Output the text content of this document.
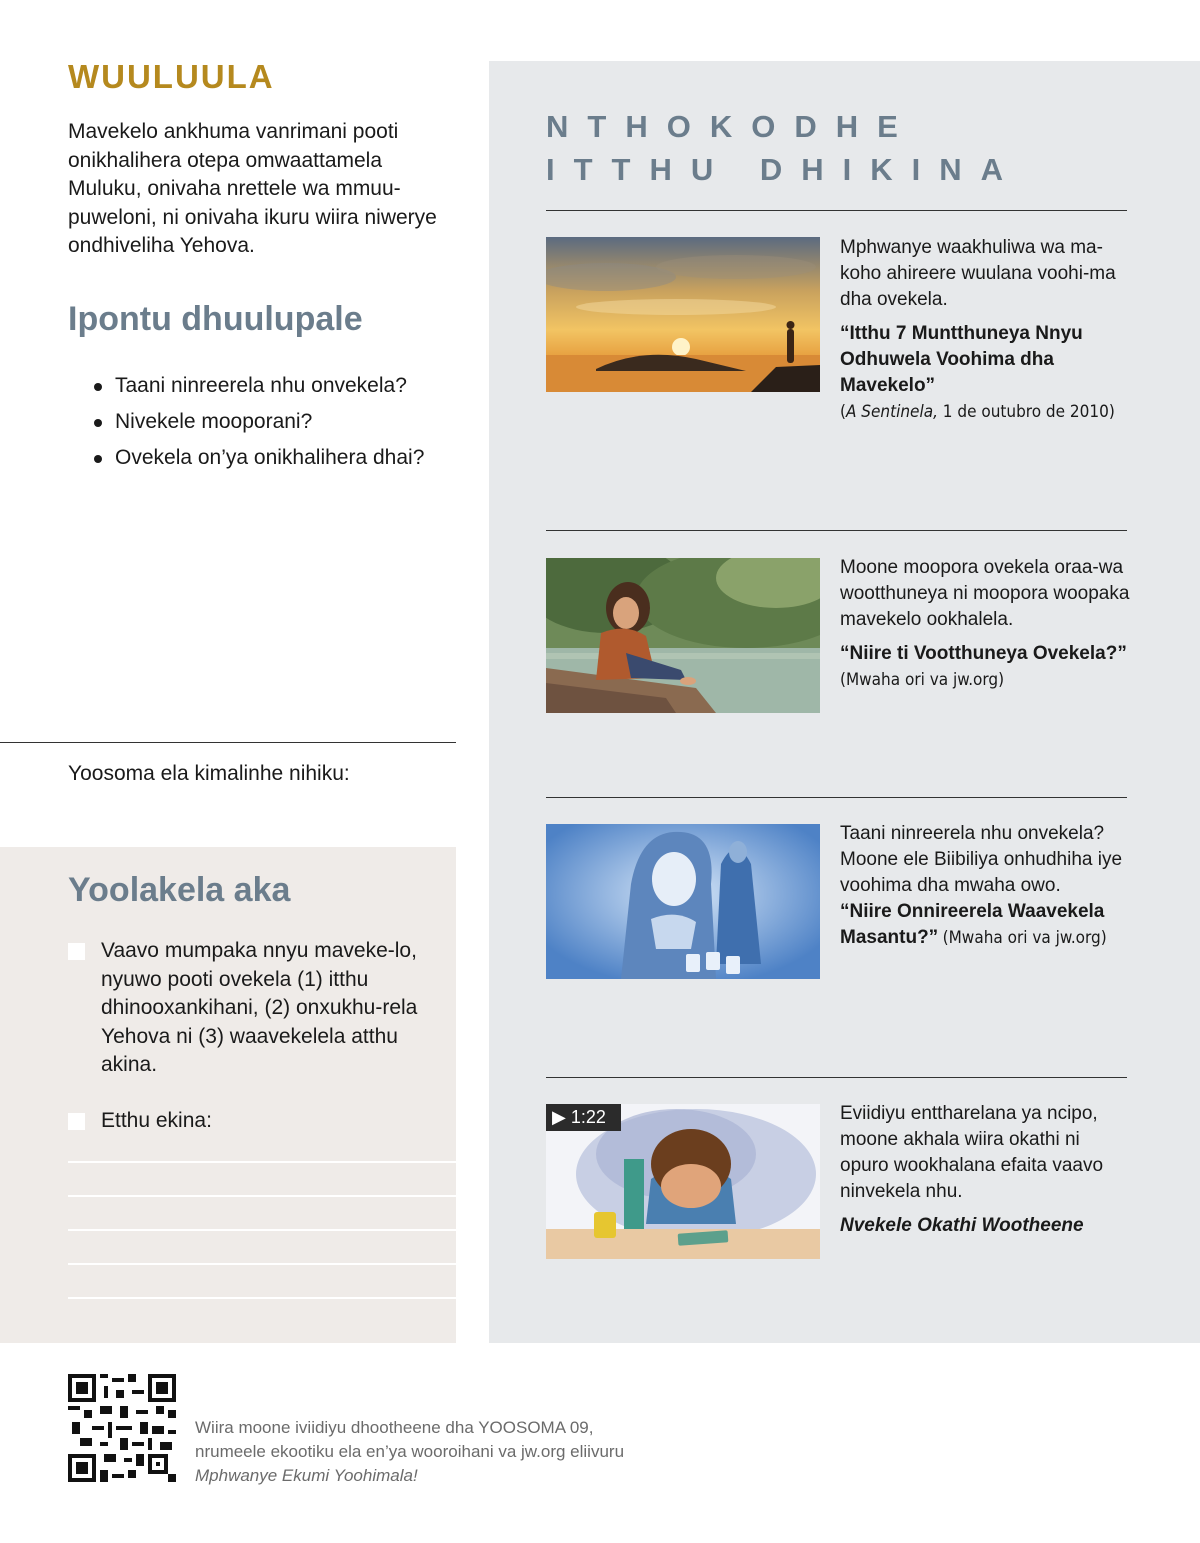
WUULUULA

Mavekelo ankhuma vanrimani pooti onikhalihera otepa omwaattamela Muluku, onivaha nrettele wa mmuu-puweloni, ni onivaha ikuru wiira niwerye ondhiveliha Yehova.

Ipontu dhuulupale
Taani ninreerela nhu onvekela?
Nivekele mooporani?
Ovekela on’ya onikhalihera dhai?
Yoosoma ela kimalinhe nihiku:
Yoolakela aka
Vaavo mumpaka nnyu maveke-lo, nyuwo pooti ovekela (1) itthu dhinooxankihani, (2) onxukhu-rela Yehova ni (3) waavekelela atthu akina.
Etthu ekina:
NTHOKODHE
ITTHU DHIKINA
Mphwanye waakhuliwa wa ma-koho ahireere wuulana voohi-ma dha ovekela.
“Itthu 7 Muntthuneya Nnyu Odhuwela Voohima dha Mavekelo”
(A Sentinela, 1 de outubro de 2010)
Moone moopora ovekela oraa-wa wootthuneya ni moopora woopaka mavekelo ookhalela.
“Niire ti Vootthuneya Ovekela?”
(Mwaha ori va jw.org)
Taani ninreerela nhu onvekela? Moone ele Biibiliya onhudhiha iye voohima dha mwaha owo.
“Niire Onnireerela Waavekela Masantu?” (Mwaha ori va jw.org)
▶ 1:22	Eviidiyu enttharelana ya ncipo, moone akhala wiira okathi ni opuro wookhalana efaita vaavo ninvekela nhu.
Nvekele Okathi Wootheene
Wiira moone iviidiyu dhootheene dha YOOSOMA 09, nrumeele ekootiku ela en’ya wooroihani va jw.org eliivuru Mphwanye Ekumi Yoohimala!
